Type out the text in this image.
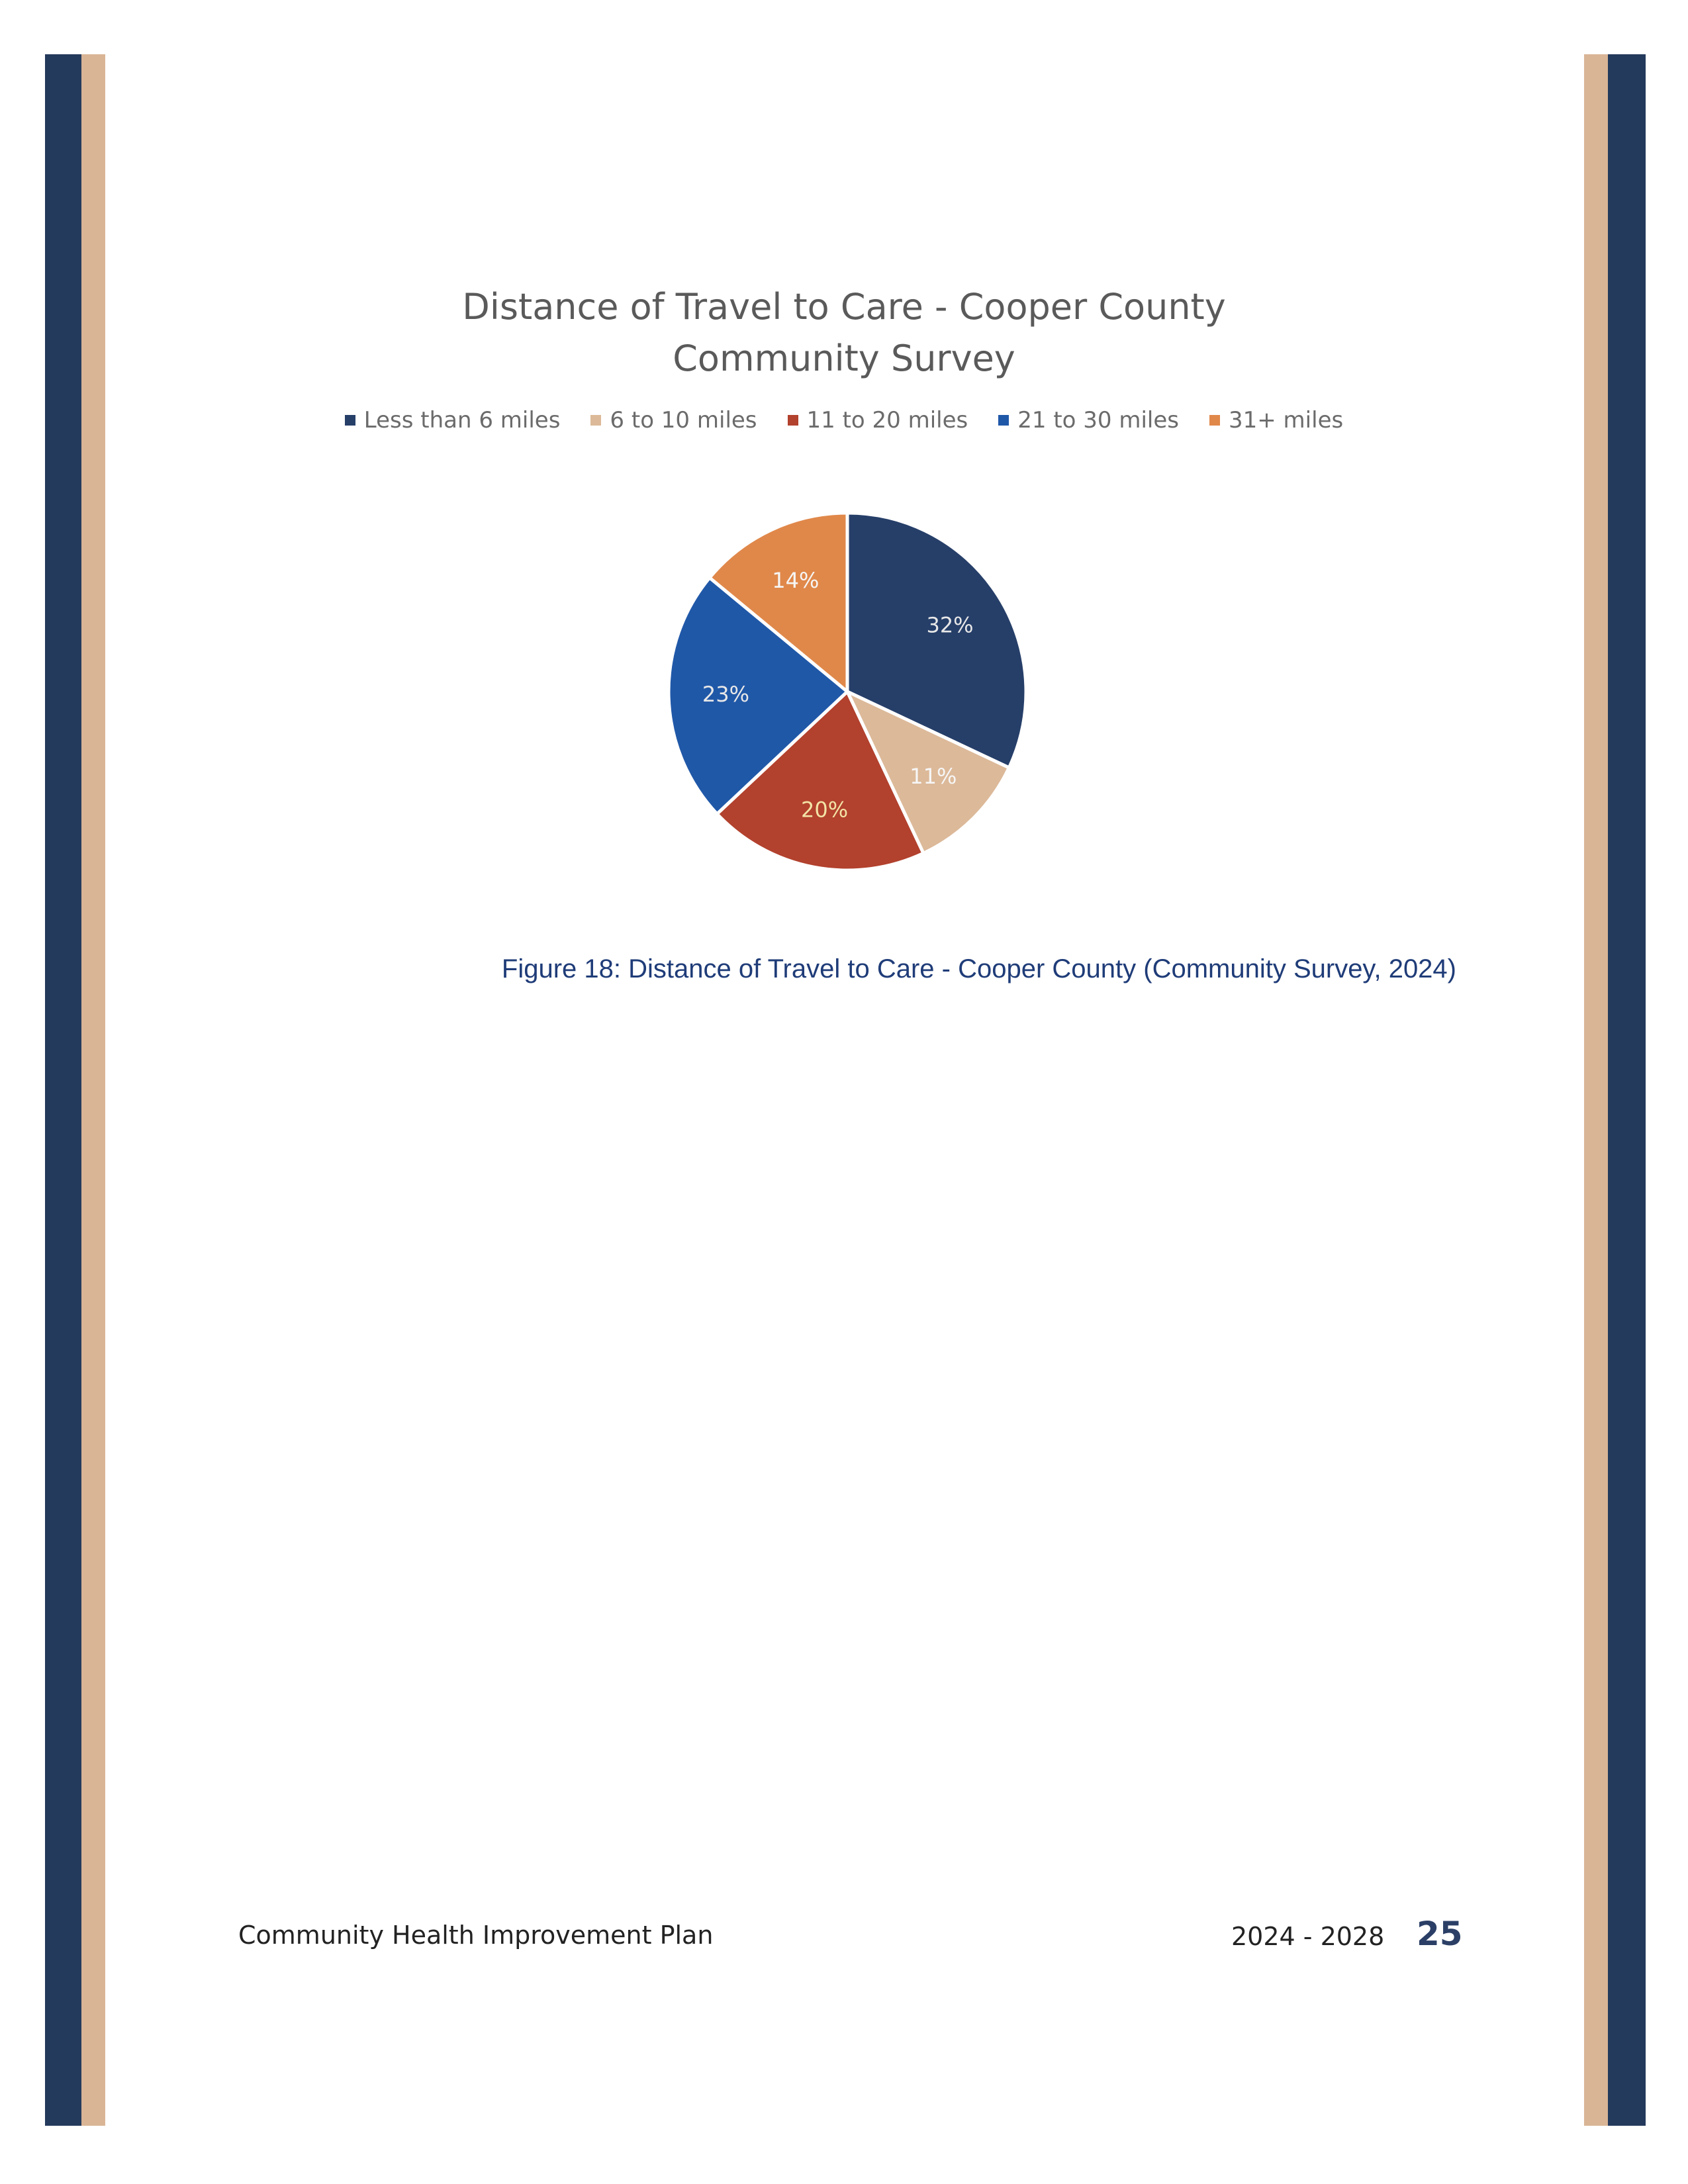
Distance of Travel to Care - Cooper County
Community Survey
Less than 6 miles 6 to 10 miles 11 to 20 miles 21 to 30 miles 31+ miles
32%
11%
20%
23%
14%
Figure 18: Distance of Travel to Care - Cooper County (Community Survey, 2024)
Community Health Improvement Plan	2024 - 2028 25
